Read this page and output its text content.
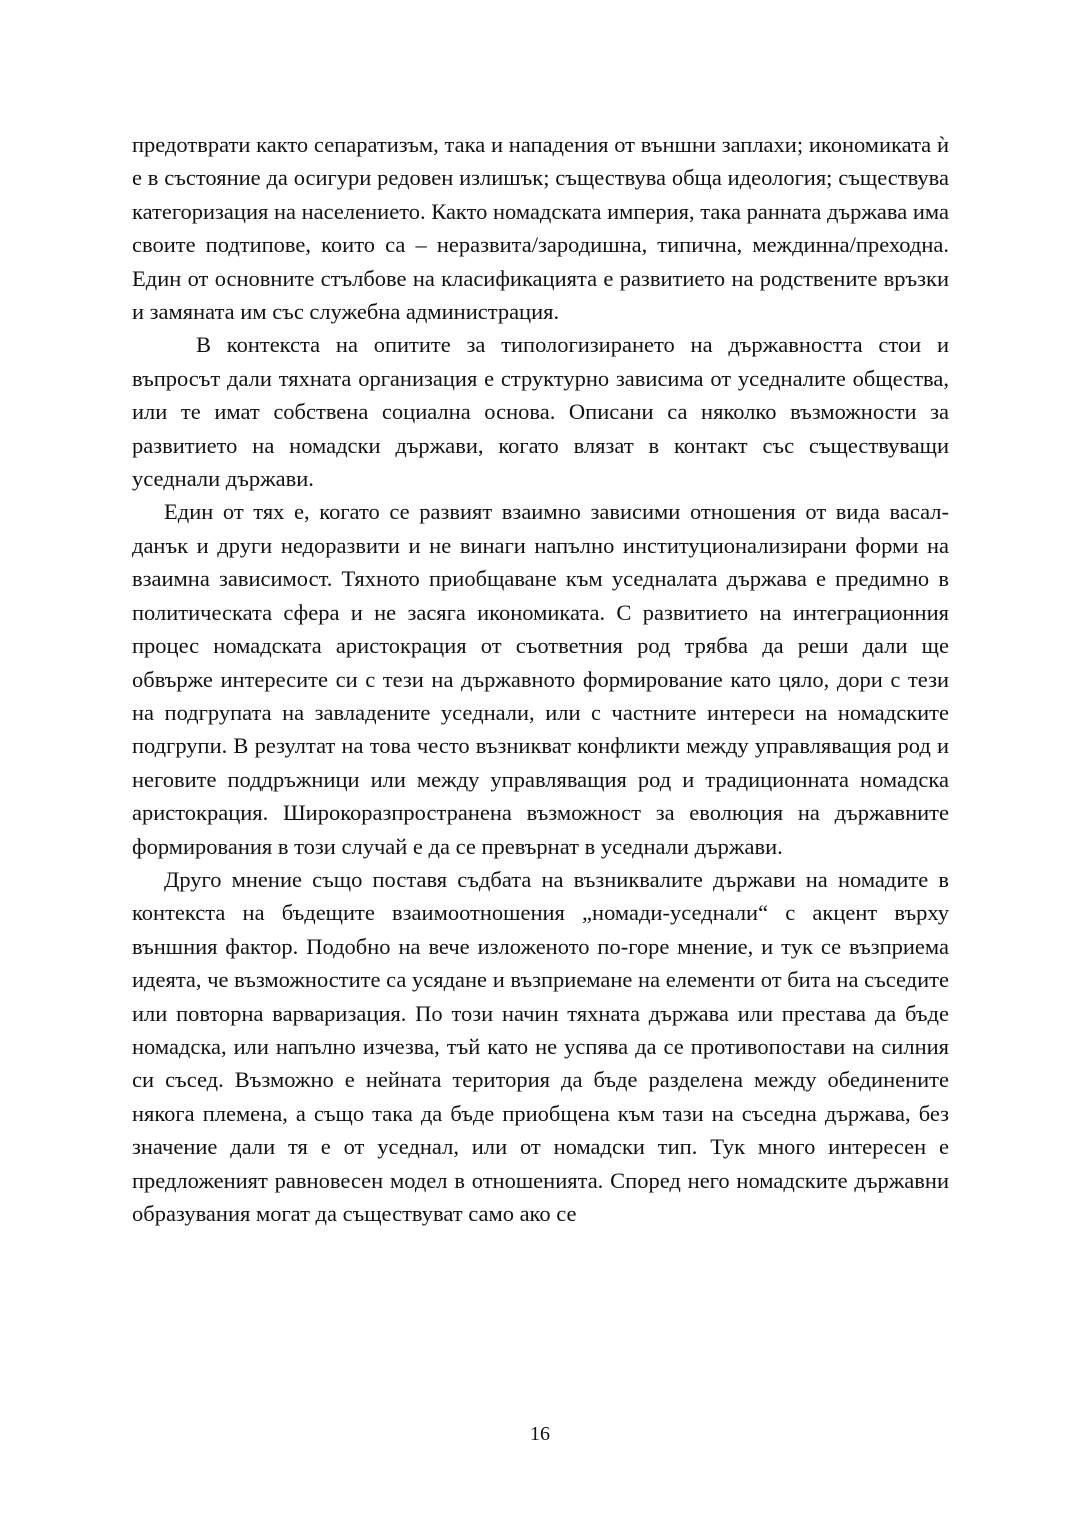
предотврати както сепаратизъм, така и нападения от външни заплахи; икономиката ѝ е в състояние да осигури редовен излишък; съществува обща идеология; съществува категоризация на населението. Както номадската империя, така ранната държава има своите подтипове, които са – неразвита/зародишна, типична, междинна/преходна. Един от основните стълбове на класификацията е развитието на родствените връзки и замяната им със служебна администрация.

В контекста на опитите за типологизирането на държавността стои и въпросът дали тяхната организация е структурно зависима от уседналите общества, или те имат собствена социална основа. Описани са няколко възможности за развитието на номадски държави, когато влязат в контакт със съществуващи уседнали държави.

Един от тях е, когато се развият взаимно зависими отношения от вида васал-данък и други недоразвити и не винаги напълно институционализирани форми на взаимна зависимост. Тяхното приобщаване към уседналата държава е предимно в политическата сфера и не засяга икономиката. С развитието на интеграционния процес номадската аристокрация от съответния род трябва да реши дали ще обвърже интересите си с тези на държавното формирование като цяло, дори с тези на подгрупата на завладените уседнали, или с частните интереси на номадските подгрупи. В резултат на това често възникват конфликти между управляващия род и неговите поддръжници или между управляващия род и традиционната номадска аристокрация. Широкоразпространена възможност за еволюция на държавните формирования в този случай е да се превърнат в уседнали държави.

Друго мнение също поставя съдбата на възниквалите държави на номадите в контекста на бъдещите взаимоотношения „номади-уседнали“ с акцент върху външния фактор. Подобно на вече изложеното по-горе мнение, и тук се възприема идеята, че възможностите са усядане и възприемане на елементи от бита на съседите или повторна варваризация. По този начин тяхната държава или престава да бъде номадска, или напълно изчезва, тъй като не успява да се противопостави на силния си съсед. Възможно е нейната територия да бъде разделена между обединените някога племена, а също така да бъде приобщена към тази на съседна държава, без значение дали тя е от уседнал, или от номадски тип. Тук много интересен е предложеният равновесен модел в отношенията. Според него номадските държавни образувания могат да съществуват само ако се

16
